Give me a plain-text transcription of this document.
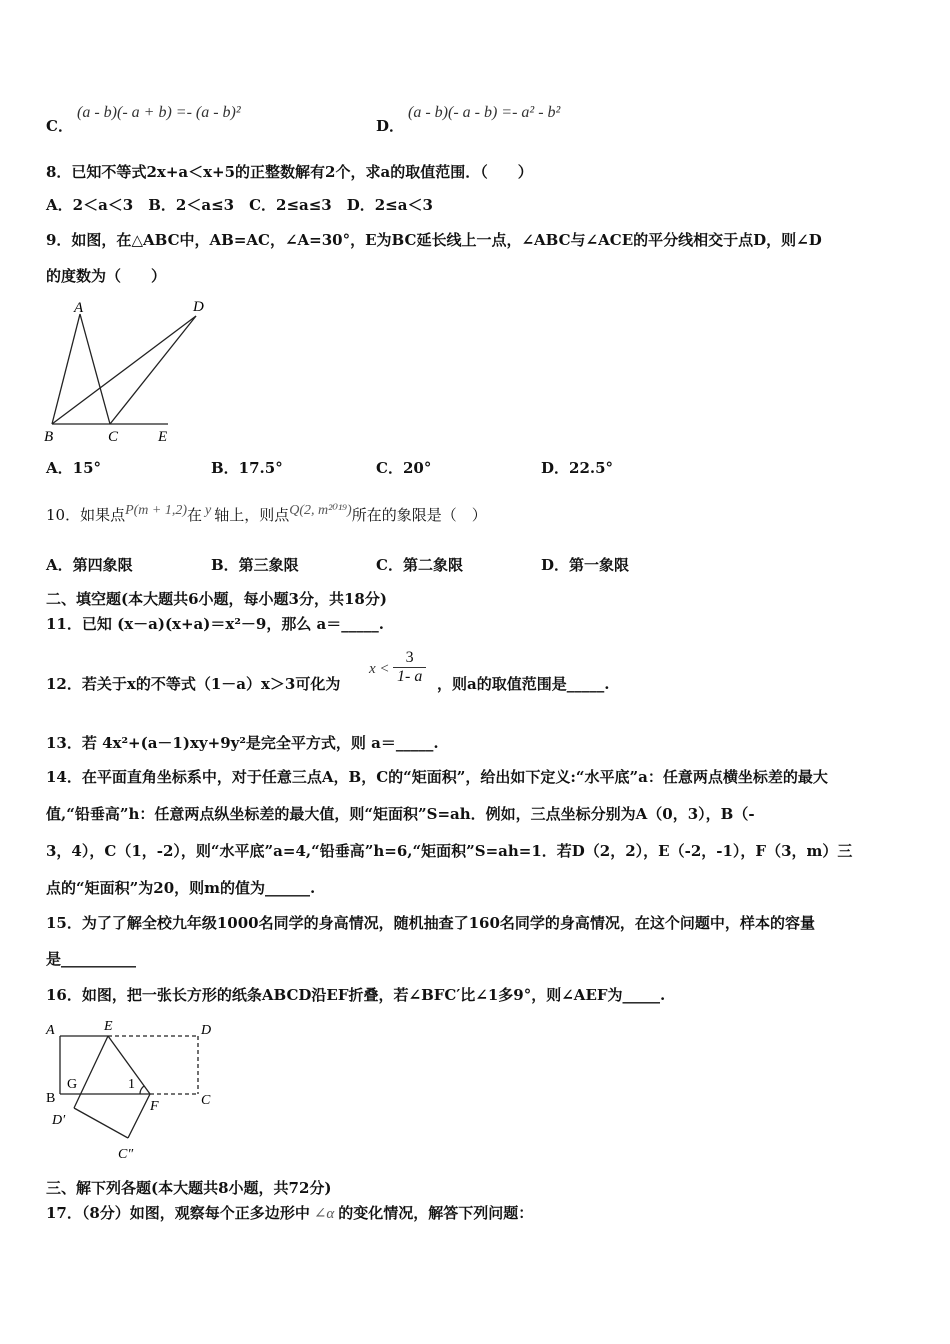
C．
(a - b)(- a + b) =- (a - b)²
D．
(a - b)(- a - b) =- a² - b²
8．已知不等式2x+a＜x+5的正整数解有2个，求a的取值范围．（　　）
A．2＜a＜3　B．2＜a≤3　C．2≤a≤3　D．2≤a＜3
9．如图，在△ABC中，AB=AC，∠A=30°，E为BC延长线上一点，∠ABC与∠ACE的平分线相交于点D，则∠D
的度数为（　　）
A	D
B	C	E
A．15°	B．17.5°	C．20°	D．22.5°
10．如果点P(m + 1,2)在 y 轴上，则点Q(2, m²⁰¹⁹)所在的象限是（　）
A．第四象限	B．第三象限	C．第二象限	D．第一象限
二、填空题(本大题共6小题，每小题3分，共18分)
11．已知 (x－a)(x+a)＝x²－9，那么 a＝_____.
12．若关于x的不等式（1－a）x＞3可化为
$x < \frac{3}{1- a}$ ，则a的取值范围是_____.
13．若 4x²+(a－1)xy+9y²是完全平方式，则 a＝_____.
14．在平面直角坐标系中，对于任意三点A，B，C的“矩面积”，给出如下定义:“水平底”a：任意两点横坐标差的最大
值,“铅垂高”h：任意两点纵坐标差的最大值，则“矩面积”S=ah．例如，三点坐标分别为A（0，3），B（-
3，4），C（1，-2），则“水平底”a=4,“铅垂高”h=6,“矩面积”S=ah=1．若D（2，2），E（-2，-1），F（3，m）三
点的“矩面积”为20，则m的值为______.
15．为了了解全校九年级1000名同学的身高情况，随机抽查了160名同学的身高情况，在这个问题中，样本的容量
是__________
16．如图，把一张长方形的纸条ABCD沿EF折叠，若∠BFC′比∠1多9°，则∠AEF为_____.
A	E	D
B
G	1
F	C
D′
C″
三、解下列各题(本大题共8小题，共72分)
17．（8分）如图，观察每个正多边形中 ∠α 的变化情况，解答下列问题：
